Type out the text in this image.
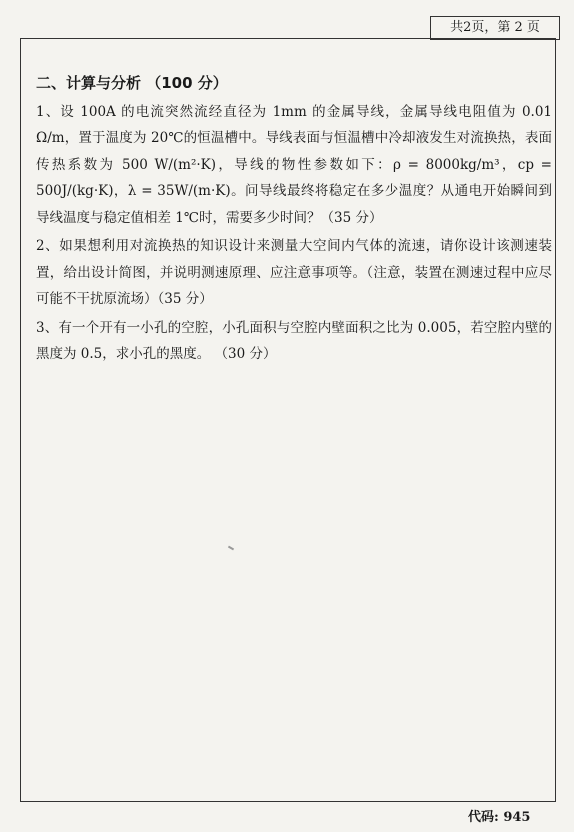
共2页，第 2 页
二、计算与分析 （100 分）
1、设 100A 的电流突然流经直径为 1mm 的金属导线，金属导线电阻值为 0.01 Ω/m，置于温度为 20℃的恒温槽中。导线表面与恒温槽中冷却液发生对流换热，表面传热系数为 500 W/(m²·K)，导线的物性参数如下：ρ = 8000kg/m³，cp = 500J/(kg·K)，λ = 35W/(m·K)。问导线最终将稳定在多少温度？从通电开始瞬间到导线温度与稳定值相差 1℃时，需要多少时间？（35 分）
2、如果想利用对流换热的知识设计来测量大空间内气体的流速，请你设计该测速装置，给出设计简图，并说明测速原理、应注意事项等。（注意，装置在测速过程中应尽可能不干扰原流场）（35 分）
3、有一个开有一小孔的空腔，小孔面积与空腔内壁面积之比为 0.005，若空腔内壁的黑度为 0.5，求小孔的黑度。 （30 分）
代码: 945
